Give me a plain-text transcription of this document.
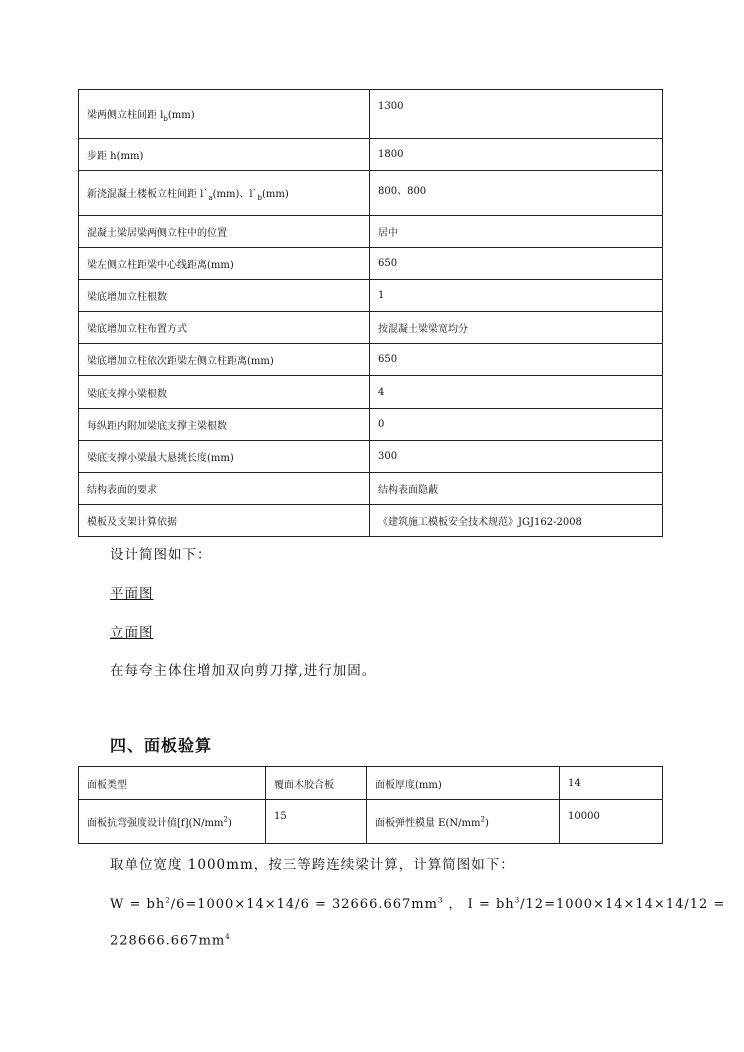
梁两侧立柱间距 $l_b(mm)$	1300
步距 h(mm)	1800
新浇混凝土楼板立柱间距 $l`_a(mm)$、$l`_b(mm)$	800、800
混凝土梁居梁两侧立柱中的位置	居中
梁左侧立柱距梁中心线距离(mm)	650
梁底增加立柱根数	1
梁底增加立柱布置方式	按混凝土梁梁宽均分
梁底增加立柱依次距梁左侧立柱距离(mm)	650
梁底支撑小梁根数	4
每纵距内附加梁底支撑主梁根数	0
梁底支撑小梁最大悬挑长度(mm)	300
结构表面的要求	结构表面隐蔽
模板及支架计算依据	《建筑施工模板安全技术规范》JGJ162-2008

设计简图如下：

平面图

立面图

在每夸主体住增加双向剪刀撑,进行加固。

四、面板验算
面板类型	覆面木胶合板	面板厚度(mm)	14
面板抗弯强度设计值$[f](N/mm^2)$	15	面板弹性模量 $E(N/mm^2)$	10000

取单位宽度 1000mm，按三等跨连续梁计算，计算简图如下：

$W = bh^2/6=1000\times 14\times 14/6 = 32666.667mm^3$ ， $I = bh^3/12=1000\times 14\times 14\times 14/12$ =

$228666.667mm^4$
